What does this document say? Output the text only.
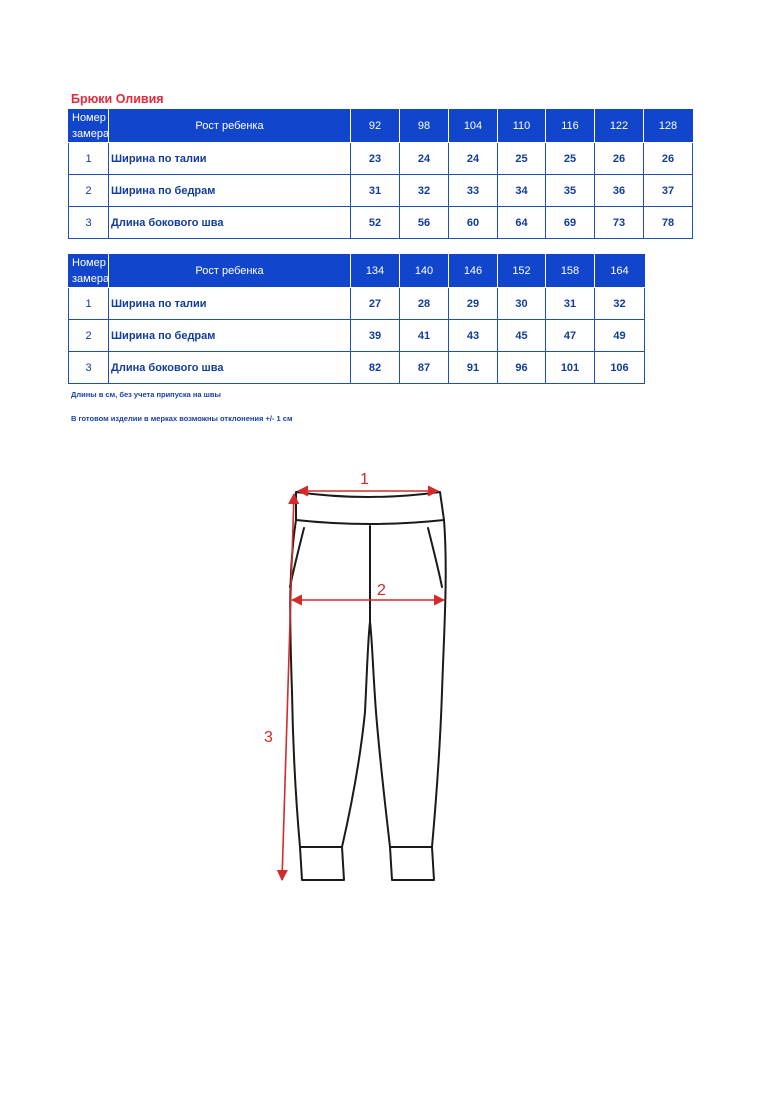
Брюки Оливия
Номер
замера	Рост ребенка	92	98	104	110	116	122	128
1	Ширина по талии	23	24	24	25	25	26	26
2	Ширина по бедрам	31	32	33	34	35	36	37
3	Длина бокового шва	52	56	60	64	69	73	78
Номер
замера	Рост ребенка	134	140	146	152	158	164
1	Ширина по талии	27	28	29	30	31	32
2	Ширина по бедрам	39	41	43	45	47	49
3	Длина бокового шва	82	87	91	96	101	106
Длины в см, без учета припуска на швы
В готовом изделии в мерках возможны отклонения +/- 1 см
1
2
3
